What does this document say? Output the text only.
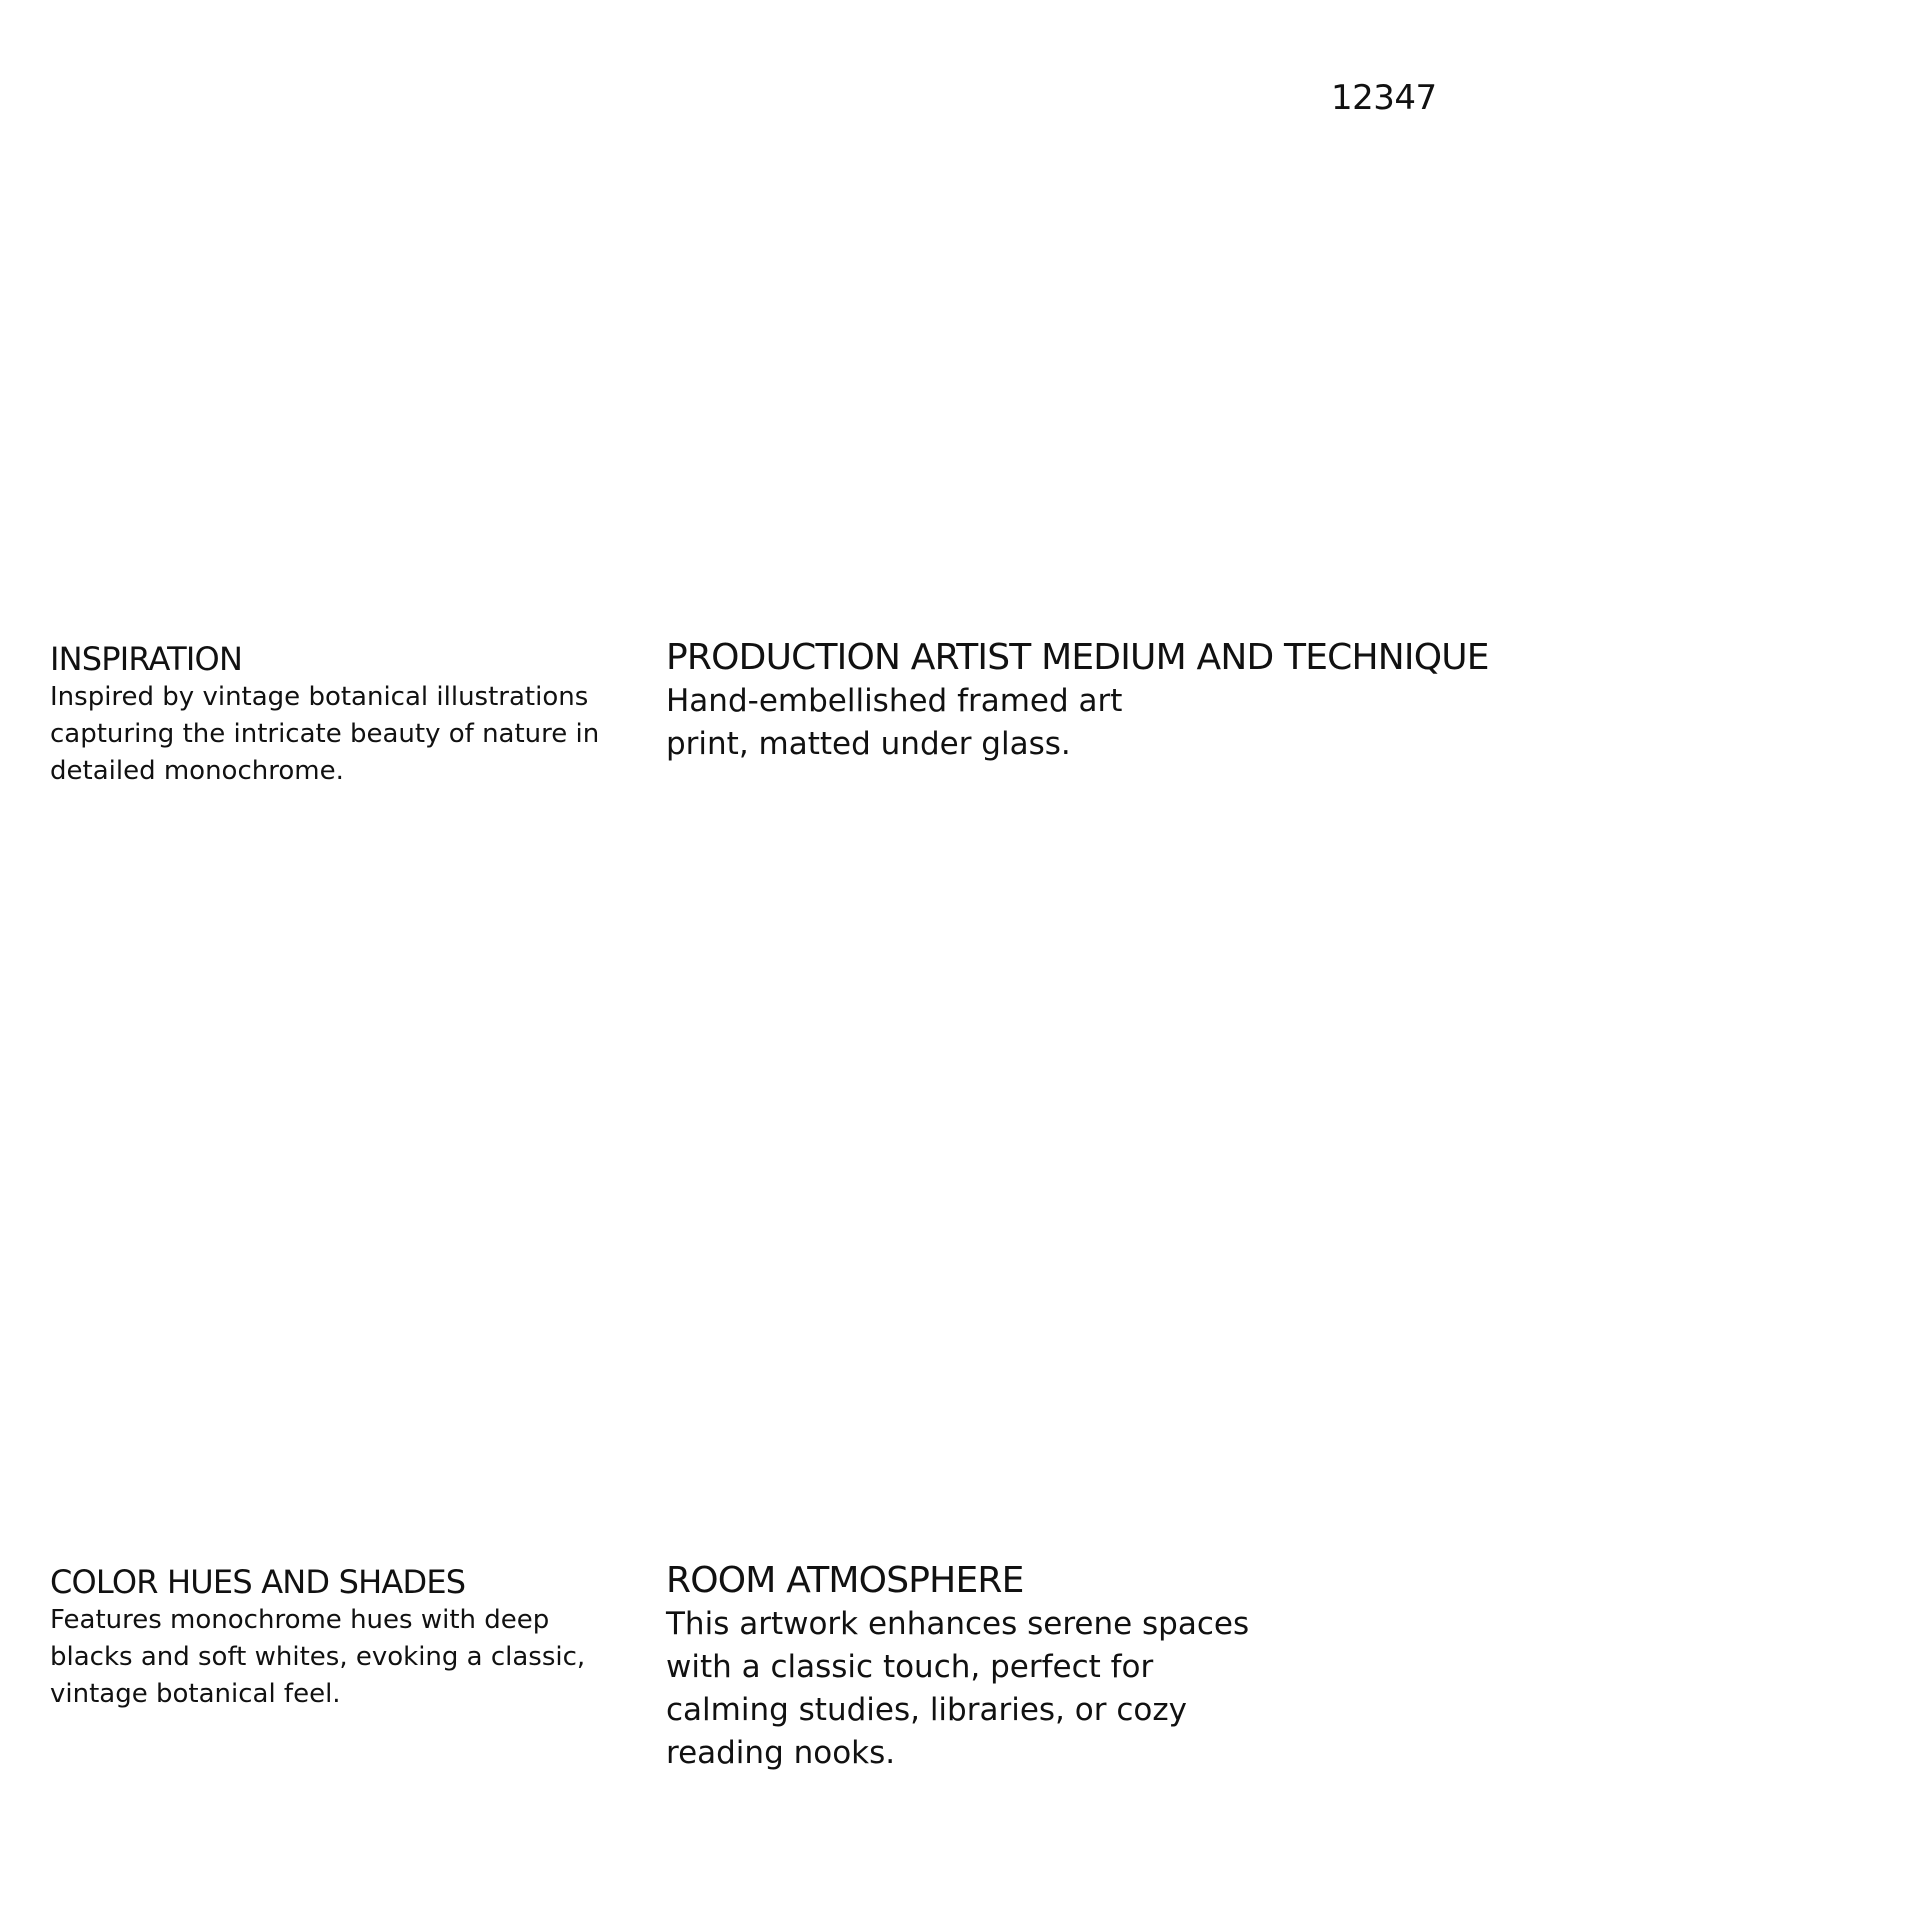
12347
INSPIRATION

Inspired by vintage botanical illustrations capturing the intricate beauty of nature in detailed monochrome.

PRODUCTION ARTIST MEDIUM AND TECHNIQUE

Hand-embellished framed art print, matted under glass.

COLOR HUES AND SHADES

Features monochrome hues with deep blacks and soft whites, evoking a classic, vintage botanical feel.

ROOM ATMOSPHERE

This artwork enhances serene spaces with a classic touch, perfect for calming studies, libraries, or cozy reading nooks.
